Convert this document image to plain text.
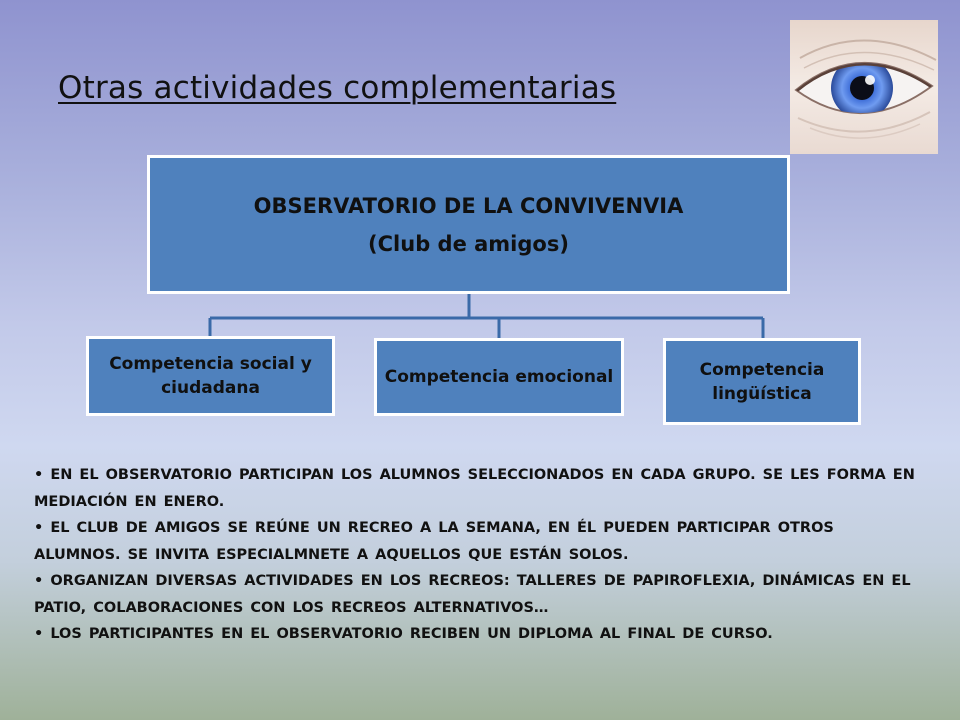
Otras actividades complementarias
OBSERVATORIO DE LA CONVIVENVIA
(Club de amigos)
Competencia social y ciudadana
Competencia emocional	Competencia lingüística

• EN EL OBSERVATORIO PARTICIPAN LOS ALUMNOS SELECCIONADOS EN CADA GRUPO. SE LES FORMA EN MEDIACIÓN EN ENERO.

• EL CLUB DE AMIGOS SE REÚNE UN RECREO A LA SEMANA, EN ÉL PUEDEN PARTICIPAR OTROS ALUMNOS. SE INVITA ESPECIALMNETE A AQUELLOS QUE ESTÁN SOLOS.

• ORGANIZAN DIVERSAS ACTIVIDADES EN LOS RECREOS: TALLERES DE PAPIROFLEXIA, DINÁMICAS EN EL PATIO, COLABORACIONES CON LOS RECREOS ALTERNATIVOS…

• LOS PARTICIPANTES EN EL OBSERVATORIO RECIBEN UN DIPLOMA AL FINAL DE CURSO.
